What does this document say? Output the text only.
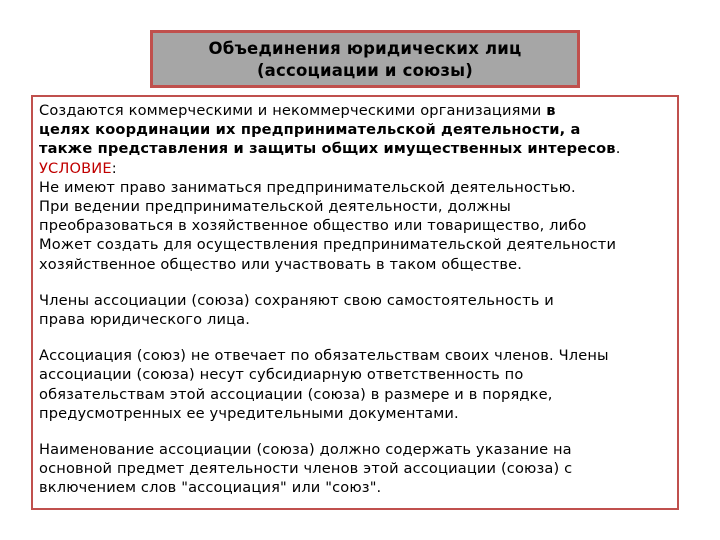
Объединения юридических лиц
(ассоциации и союзы)
Создаются коммерческими и некоммерческими организациями в
целях координации их предпринимательской деятельности, а
также представления и защиты общих имущественных интересов.
УСЛОВИЕ:
Не имеют право заниматься предпринимательской деятельностью.
При ведении предпринимательской деятельности, должны
преобразоваться в хозяйственное общество или товарищество, либо
Может создать для осуществления предпринимательской деятельности
хозяйственное общество или участвовать в таком обществе.
Члены ассоциации (союза) сохраняют свою самостоятельность и
права юридического лица.
Ассоциация (союз) не отвечает по обязательствам своих членов. Члены
ассоциации (союза) несут субсидиарную ответственность по
обязательствам этой ассоциации (союза) в размере и в порядке,
предусмотренных ее учредительными документами.
Наименование ассоциации (союза) должно содержать указание на
основной предмет деятельности членов этой ассоциации (союза) с
включением слов "ассоциация" или "союз".
